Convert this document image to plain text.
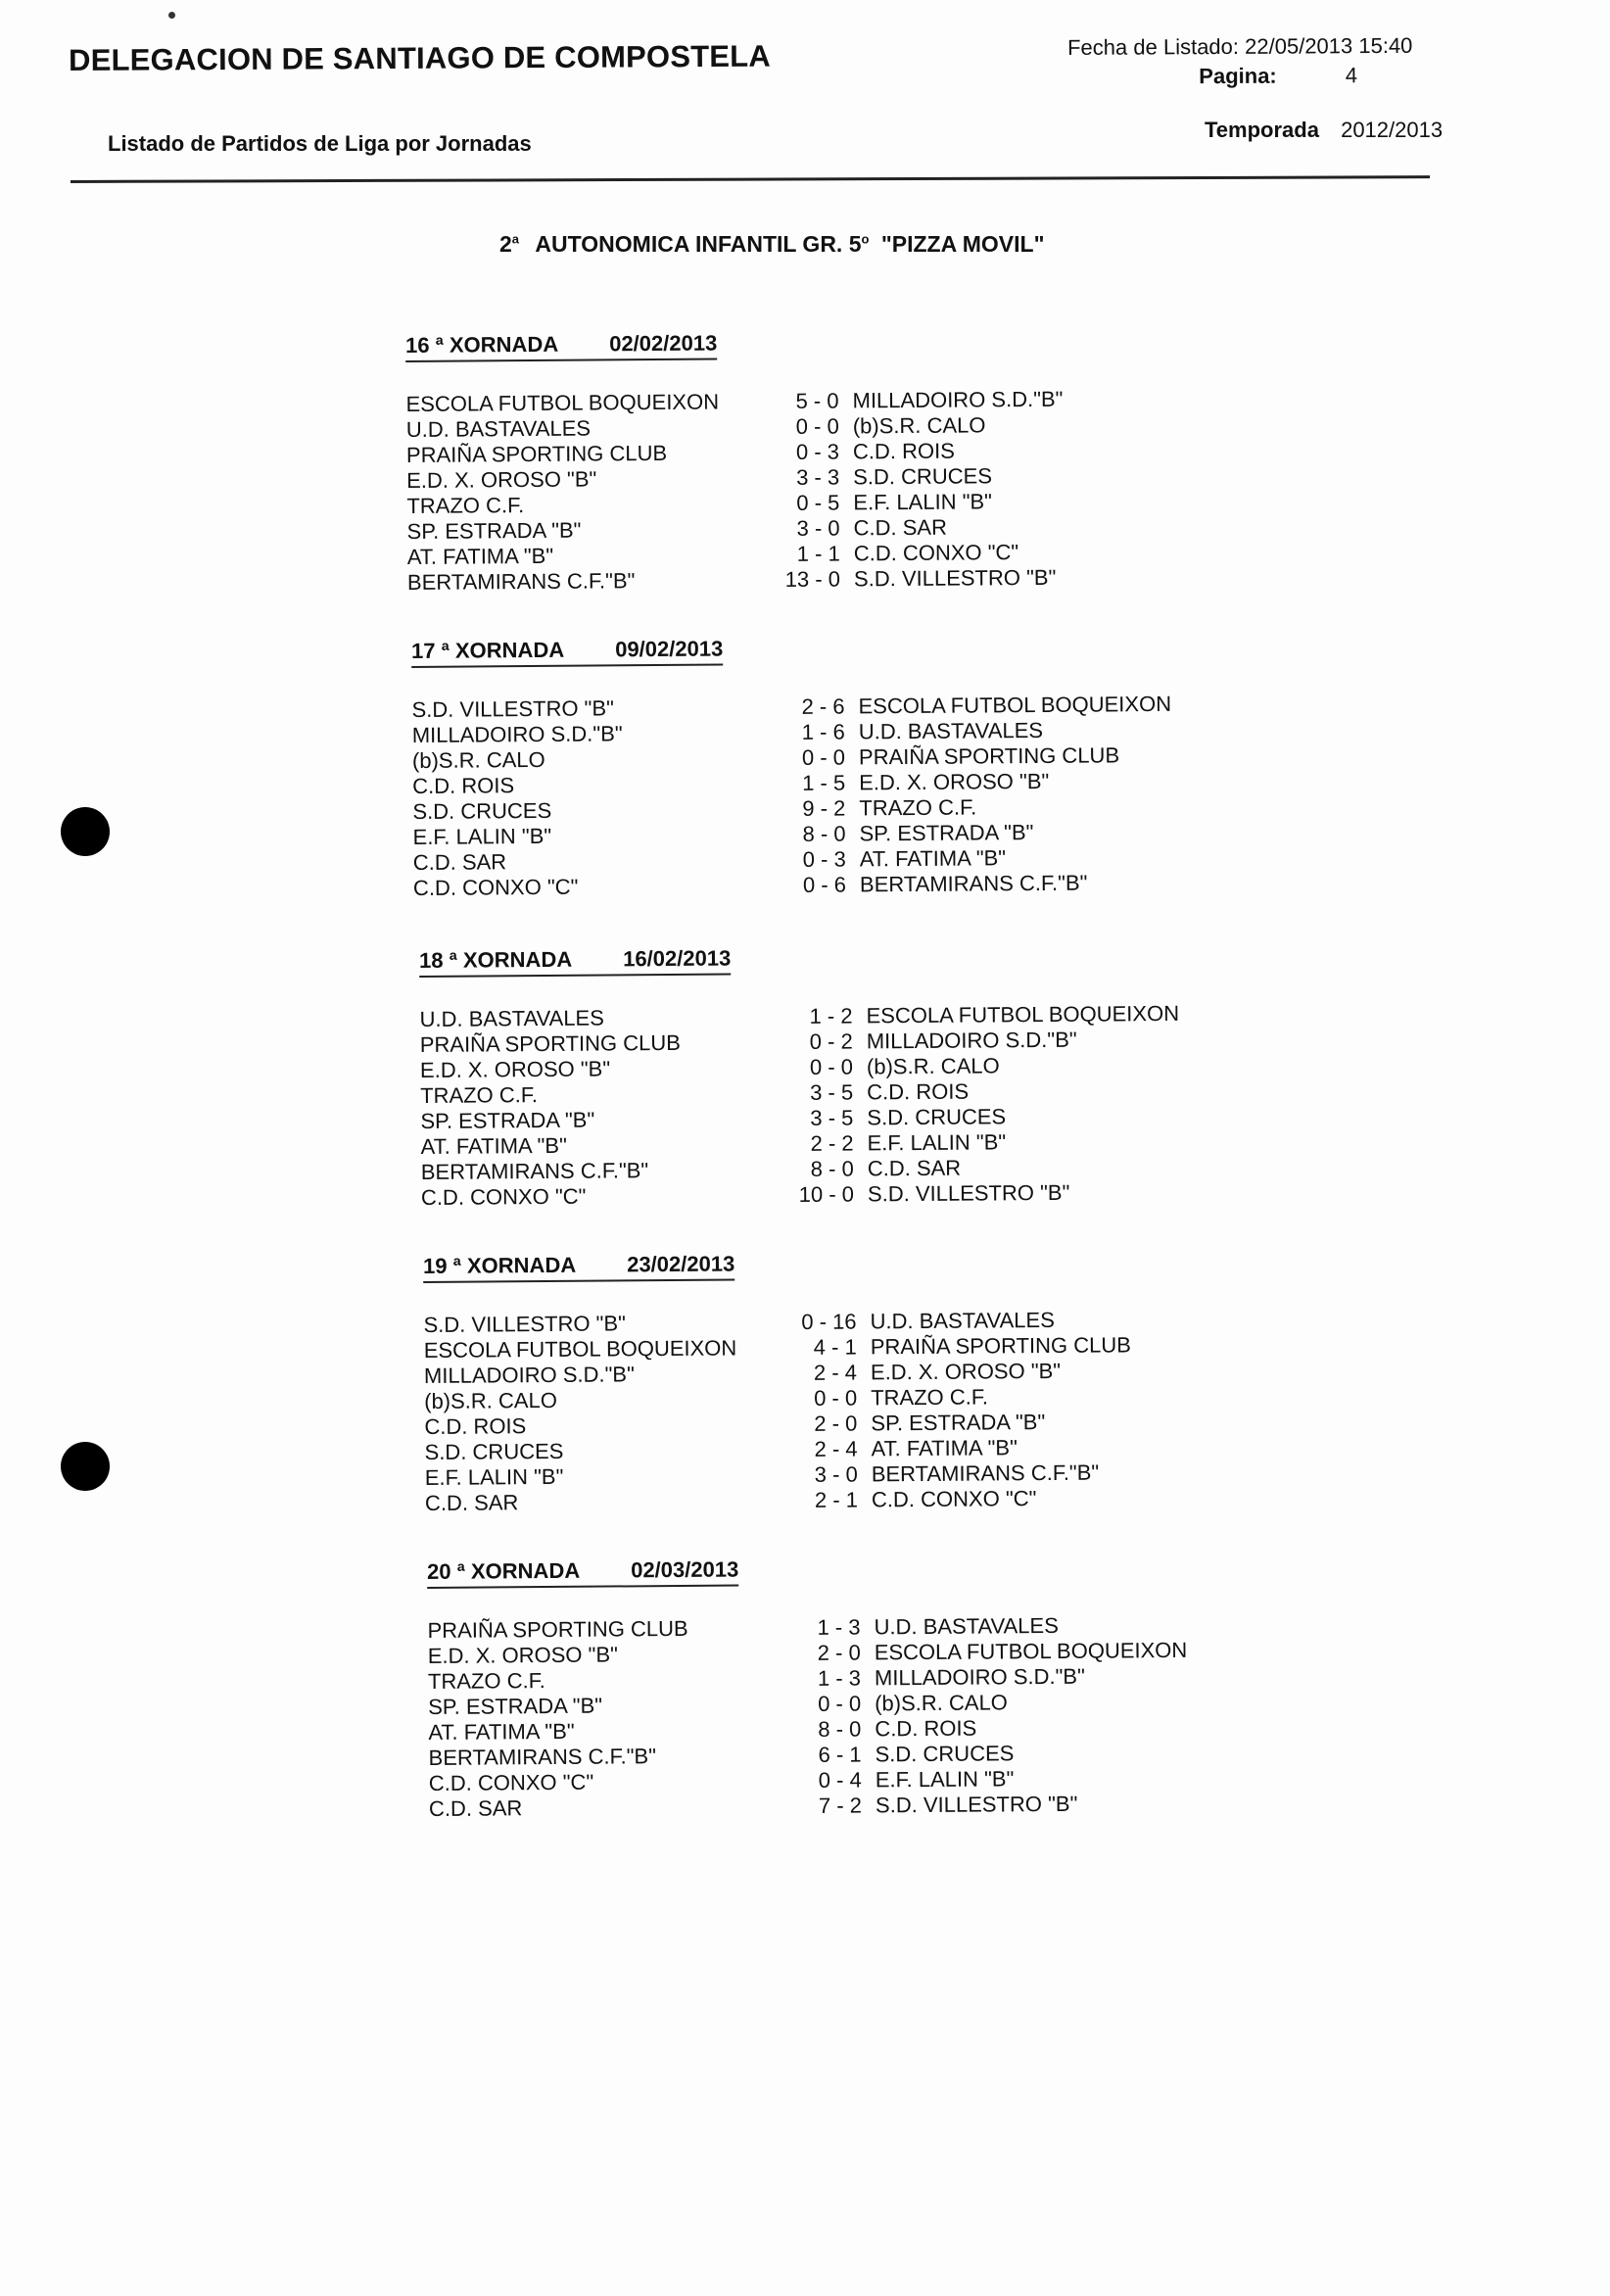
DELEGACION DE SANTIAGO DE COMPOSTELA
Listado de Partidos de Liga por Jornadas
Fecha de Listado: 22/05/2013 15:40
Pagina:	4
Temporada 2012/2013
2$^a$ AUTONOMICA INFANTIL GR. 5$^o$ "PIZZA MOVIL"
16 ª XORNADA 02/02/2013
ESCOLA FUTBOL BOQUEIXON	5 - 0 MILLADOIRO S.D."B"
U.D. BASTAVALES	0 - 0 (b)S.R. CALO
PRAIÑA SPORTING CLUB	0 - 3 C.D. ROIS
E.D. X. OROSO "B"	3 - 3 S.D. CRUCES
TRAZO C.F.	0 - 5 E.F. LALIN "B"
SP. ESTRADA "B"	3 - 0 C.D. SAR
AT. FATIMA "B"	1 - 1 C.D. CONXO "C"
BERTAMIRANS C.F."B"	13 - 0 S.D. VILLESTRO "B"
17 ª XORNADA 09/02/2013
S.D. VILLESTRO "B"	2 - 6 ESCOLA FUTBOL BOQUEIXON
MILLADOIRO S.D."B"	1 - 6 U.D. BASTAVALES
(b)S.R. CALO	0 - 0 PRAIÑA SPORTING CLUB
C.D. ROIS	1 - 5 E.D. X. OROSO "B"
S.D. CRUCES	9 - 2 TRAZO C.F.
E.F. LALIN "B"	8 - 0 SP. ESTRADA "B"
C.D. SAR	0 - 3 AT. FATIMA "B"
C.D. CONXO "C"	0 - 6 BERTAMIRANS C.F."B"
18 ª XORNADA 16/02/2013
U.D. BASTAVALES	1 - 2 ESCOLA FUTBOL BOQUEIXON
PRAIÑA SPORTING CLUB	0 - 2 MILLADOIRO S.D."B"
E.D. X. OROSO "B"	0 - 0 (b)S.R. CALO
TRAZO C.F.	3 - 5 C.D. ROIS
SP. ESTRADA "B"	3 - 5 S.D. CRUCES
AT. FATIMA "B"	2 - 2 E.F. LALIN "B"
BERTAMIRANS C.F."B"	8 - 0 C.D. SAR
C.D. CONXO "C"	10 - 0 S.D. VILLESTRO "B"
19 ª XORNADA 23/02/2013
S.D. VILLESTRO "B"	0 - 16 U.D. BASTAVALES
ESCOLA FUTBOL BOQUEIXON	4 - 1 PRAIÑA SPORTING CLUB
MILLADOIRO S.D."B"	2 - 4 E.D. X. OROSO "B"
(b)S.R. CALO	0 - 0 TRAZO C.F.
C.D. ROIS	2 - 0 SP. ESTRADA "B"
S.D. CRUCES	2 - 4 AT. FATIMA "B"
E.F. LALIN "B"	3 - 0 BERTAMIRANS C.F."B"
C.D. SAR	2 - 1 C.D. CONXO "C"
20 ª XORNADA 02/03/2013
PRAIÑA SPORTING CLUB	1 - 3 U.D. BASTAVALES
E.D. X. OROSO "B"	2 - 0 ESCOLA FUTBOL BOQUEIXON
TRAZO C.F.	1 - 3 MILLADOIRO S.D."B"
SP. ESTRADA "B"	0 - 0 (b)S.R. CALO
AT. FATIMA "B"	8 - 0 C.D. ROIS
BERTAMIRANS C.F."B"	6 - 1 S.D. CRUCES
C.D. CONXO "C"	0 - 4 E.F. LALIN "B"
C.D. SAR	7 - 2 S.D. VILLESTRO "B"
